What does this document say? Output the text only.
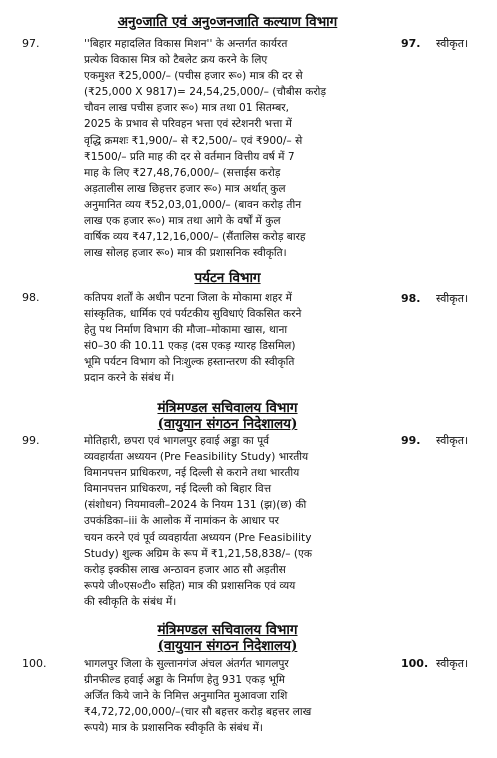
अनु०जाति एवं अनु०जनजाति कल्याण विभाग
97.	''बिहार महादलित विकास मिशन'' के अन्तर्गत कार्यरत
प्रत्येक विकास मित्र को टैबलेट क्रय करने के लिए
एकमुश्त ₹25,000/– (पचीस हजार रू०) मात्र की दर से
(₹25,000 X 9817)= 24,54,25,000/– (चौबीस करोड़
चौवन लाख पचीस हजार रू०) मात्र तथा 01 सितम्बर,
2025 के प्रभाव से परिवहन भत्ता एवं स्टेशनरी भत्ता में
वृद्धि क्रमशः ₹1,900/– से ₹2,500/– एवं ₹900/– से
₹1500/– प्रति माह की दर से वर्तमान वित्तीय वर्ष में 7
माह के लिए ₹27,48,76,000/– (सत्ताईस करोड़
अड़तालीस लाख छिहत्तर हजार रू०) मात्र अर्थात् कुल
अनुमानित व्यय ₹52,03,01,000/– (बावन करोड़ तीन
लाख एक हजार रू०) मात्र तथा आगे के वर्षों में कुल
वार्षिक व्यय ₹47,12,16,000/– (सैंतालिस करोड़ बारह
लाख सोलह हजार रू०) मात्र की प्रशासनिक स्वीकृति।
97. स्वीकृत।
पर्यटन विभाग
98.	कतिपय शर्तों के अधीन पटना जिला के मोकामा शहर में
सांस्कृतिक, धार्मिक एवं पर्यटकीय सुविधाएं विकसित करने
हेतु पथ निर्माण विभाग की मौजा–मोकामा खास, थाना
सं0–30 की 10.11 एकड़ (दस एकड़ ग्यारह डिसमिल)
भूमि पर्यटन विभाग को निःशुल्क हस्तान्तरण की स्वीकृति
प्रदान करने के संबंध में।
98. स्वीकृत।
मंत्रिमण्डल सचिवालय विभाग
(वायुयान संगठन निदेशालय)
99.	मोतिहारी, छपरा एवं भागलपुर हवाई अड्डा का पूर्व
व्यवहार्यता अध्ययन (Pre Feasibility Study) भारतीय
विमानपत्तन प्राधिकरण, नई दिल्ली से कराने तथा भारतीय
विमानपत्तन प्राधिकरण, नई दिल्ली को बिहार वित्त
(संशोधन) नियमावली–2024 के नियम 131 (झ)(छ) की
उपकंडिका–iii के आलोक में नामांकन के आधार पर
चयन करने एवं पूर्व व्यवहार्यता अध्ययन (Pre Feasibility
Study) शुल्क अग्रिम के रूप में ₹1,21,58,838/– (एक
करोड़ इक्कीस लाख अन्ठावन हजार आठ सौ अड़तीस
रूपये जी०एस०टी० सहित) मात्र की प्रशासनिक एवं व्यय
की स्वीकृति के संबंध में।
99. स्वीकृत।
मंत्रिमण्डल सचिवालय विभाग
(वायुयान संगठन निदेशालय)
100.	भागलपुर जिला के सुल्तानगंज अंचल अंतर्गत भागलपुर
ग्रीनफील्ड हवाई अड्डा के निर्माण हेतु 931 एकड़ भूमि
अर्जित किये जाने के निमित्त अनुमानित मुआवजा राशि
₹4,72,72,00,000/–(चार सौ बहत्तर करोड़ बहत्तर लाख
रूपये) मात्र के प्रशासनिक स्वीकृति के संबंध में।
100. स्वीकृत।
